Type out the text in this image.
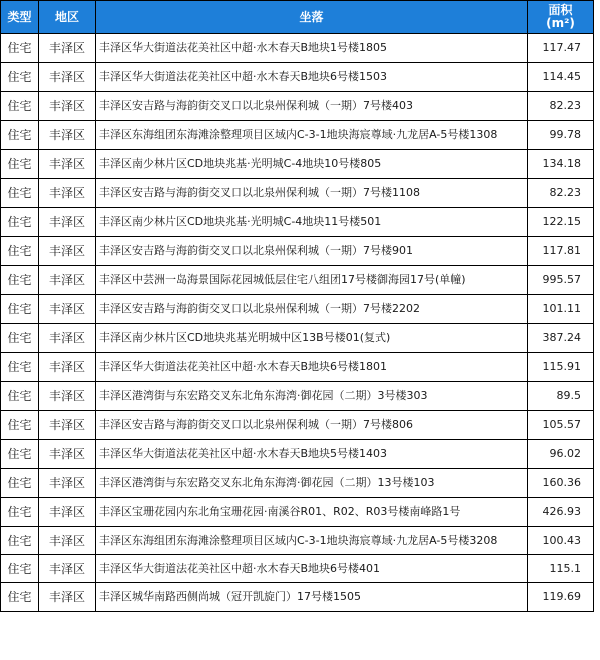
类型	地区	坐落	面积
(m²)
住宅	丰泽区	丰泽区华大街道法花美社区中超·水木春天B地块1号楼1805	117.47
住宅	丰泽区	丰泽区华大街道法花美社区中超·水木春天B地块6号楼1503	114.45
住宅	丰泽区	丰泽区安吉路与海韵街交叉口以北泉州保利城（一期）7号楼403	82.23
住宅	丰泽区	丰泽区东海组团东海滩涂整理项目区域内C-3-1地块海宸尊域·九龙居A-5号楼1308	99.78
住宅	丰泽区	丰泽区南少林片区CD地块兆基·光明城C-4地块10号楼805	134.18
住宅	丰泽区	丰泽区安吉路与海韵街交叉口以北泉州保利城（一期）7号楼1108	82.23
住宅	丰泽区	丰泽区南少林片区CD地块兆基·光明城C-4地块11号楼501	122.15
住宅	丰泽区	丰泽区安吉路与海韵街交叉口以北泉州保利城（一期）7号楼901	117.81
住宅	丰泽区	丰泽区中芸洲一岛海景国际花园城低层住宅八组团17号楼御海园17号(单幢)	995.57
住宅	丰泽区	丰泽区安吉路与海韵街交叉口以北泉州保利城（一期）7号楼2202	101.11
住宅	丰泽区	丰泽区南少林片区CD地块兆基光明城中区13B号楼01(复式)	387.24
住宅	丰泽区	丰泽区华大街道法花美社区中超·水木春天B地块6号楼1801	115.91
住宅	丰泽区	丰泽区港湾街与东宏路交叉东北角东海湾·御花园（二期）3号楼303	89.5
住宅	丰泽区	丰泽区安吉路与海韵街交叉口以北泉州保利城（一期）7号楼806	105.57
住宅	丰泽区	丰泽区华大街道法花美社区中超·水木春天B地块5号楼1403	96.02
住宅	丰泽区	丰泽区港湾街与东宏路交叉东北角东海湾·御花园（二期）13号楼103	160.36
住宅	丰泽区	丰泽区宝珊花园内东北角宝珊花园·南溪谷R01、R02、R03号楼南峰路1号	426.93
住宅	丰泽区	丰泽区东海组团东海滩涂整理项目区域内C-3-1地块海宸尊域·九龙居A-5号楼3208	100.43
住宅	丰泽区	丰泽区华大街道法花美社区中超·水木春天B地块6号楼401	115.1
住宅	丰泽区	丰泽区城华南路西侧尚城（冠开凯旋门）17号楼1505	119.69
